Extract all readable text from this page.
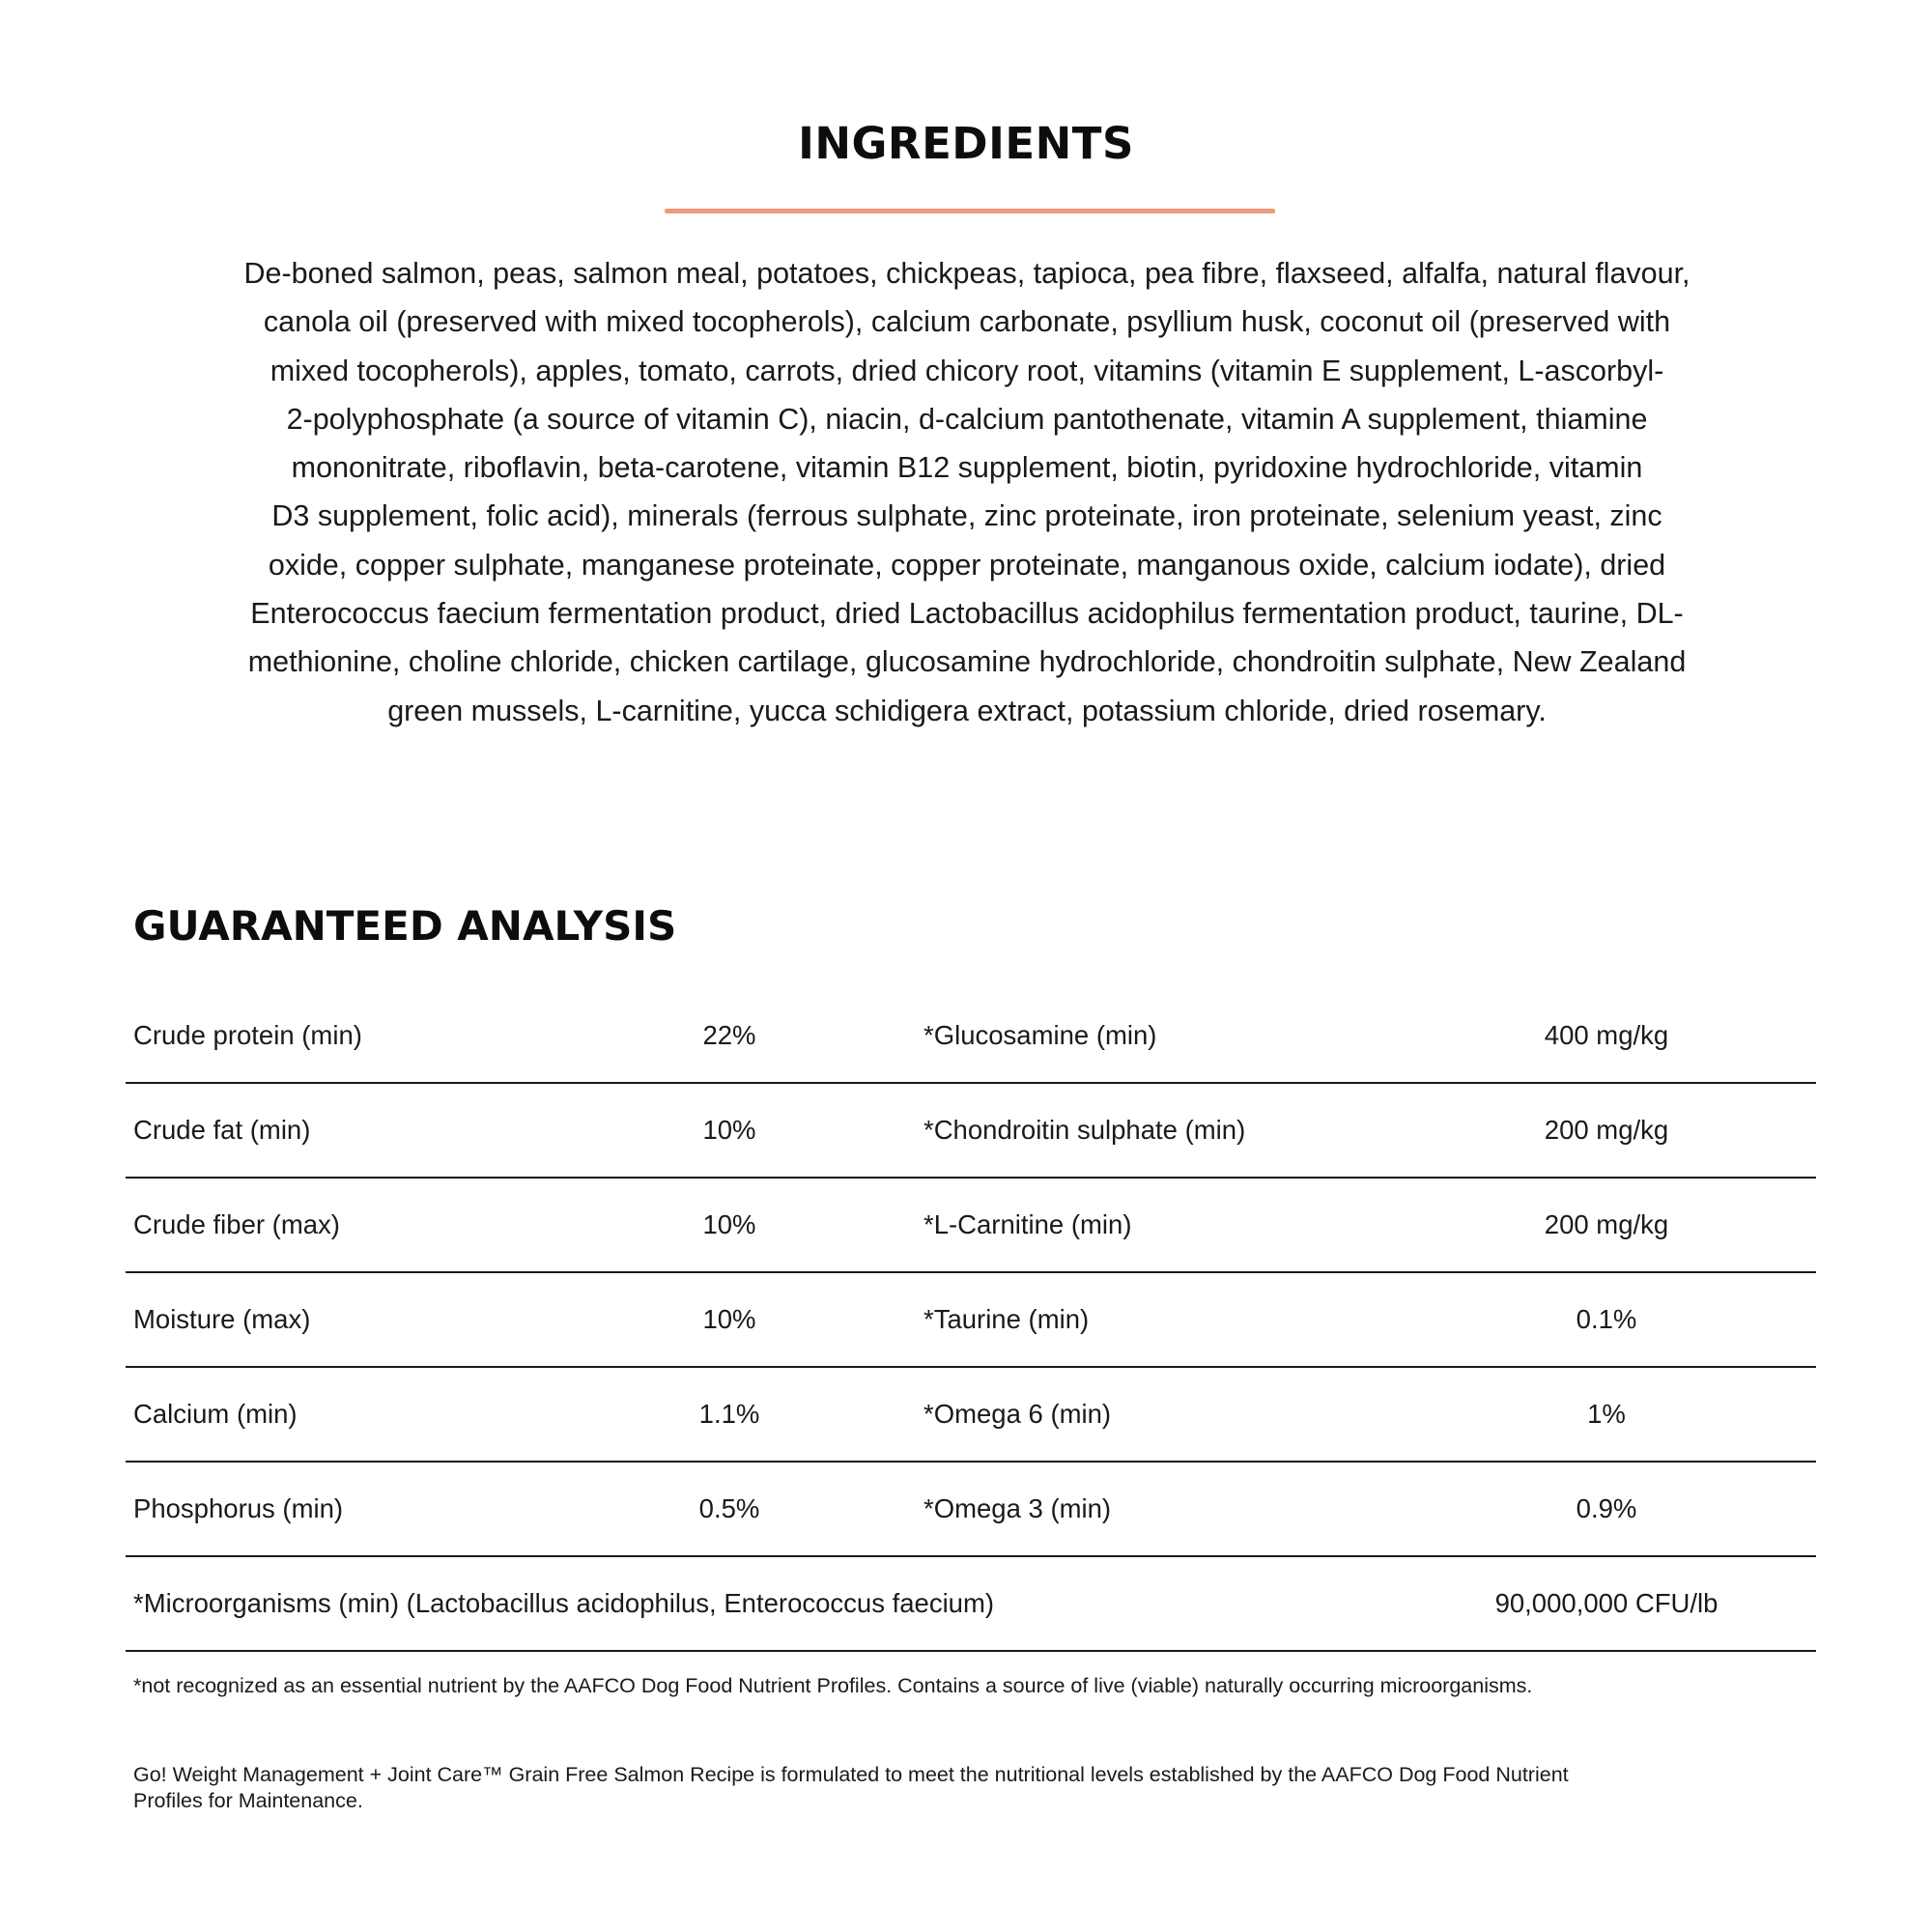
INGREDIENTS

De-boned salmon, peas, salmon meal, potatoes, chickpeas, tapioca, pea fibre, flaxseed, alfalfa, natural flavour,
canola oil (preserved with mixed tocopherols), calcium carbonate, psyllium husk, coconut oil (preserved with
mixed tocopherols), apples, tomato, carrots, dried chicory root, vitamins (vitamin E supplement, L-ascorbyl-
2-polyphosphate (a source of vitamin C), niacin, d-calcium pantothenate, vitamin A supplement, thiamine
mononitrate, riboflavin, beta-carotene, vitamin B12 supplement, biotin, pyridoxine hydrochloride, vitamin
D3 supplement, folic acid), minerals (ferrous sulphate, zinc proteinate, iron proteinate, selenium yeast, zinc
oxide, copper sulphate, manganese proteinate, copper proteinate, manganous oxide, calcium iodate), dried
Enterococcus faecium fermentation product, dried Lactobacillus acidophilus fermentation product, taurine, DL-
methionine, choline chloride, chicken cartilage, glucosamine hydrochloride, chondroitin sulphate, New Zealand
green mussels, L-carnitine, yucca schidigera extract, potassium chloride, dried rosemary.

GUARANTEED ANALYSIS
Crude protein (min)	22%	*Glucosamine (min)	400 mg/kg
Crude fat (min)	10%	*Chondroitin sulphate (min)	200 mg/kg
Crude fiber (max)	10%	*L-Carnitine (min)	200 mg/kg
Moisture (max)	10%	*Taurine (min)	0.1%
Calcium (min)	1.1%	*Omega 6 (min)	1%
Phosphorus (min)	0.5%	*Omega 3 (min)	0.9%
*Microorganisms (min) (Lactobacillus acidophilus, Enterococcus faecium)	90,000,000 CFU/lb

*not recognized as an essential nutrient by the AAFCO Dog Food Nutrient Profiles. Contains a source of live (viable) naturally occurring microorganisms.

Go! Weight Management + Joint Care™ Grain Free Salmon Recipe is formulated to meet the nutritional levels established by the AAFCO Dog Food Nutrient
Profiles for Maintenance.
